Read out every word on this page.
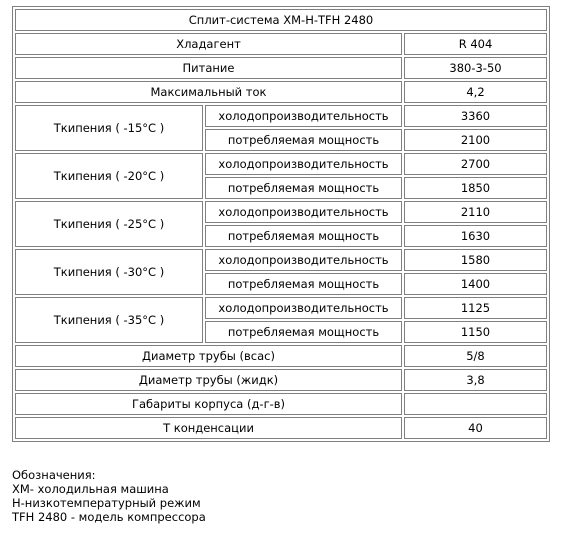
Сплит-система ХМ-Н-TFH 2480		
Хладагент		R 404
Питание		380-3-50
Максимальный ток		4,2
Ткипения ( -15°С )	холодопроизводительность	3360
	потребляемая мощность	2100
Ткипения ( -20°С )	холодопроизводительность	2700
	потребляемая мощность	1850
Ткипения ( -25°С )	холодопроизводительность	2110
	потребляемая мощность	1630
Ткипения ( -30°С )	холодопроизводительность	1580
	потребляемая мощность	1400
Ткипения ( -35°С )	холодопроизводительность	1125
	потребляемая мощность	1150
Диаметр трубы (всас)		5/8
Диаметр трубы (жидк)		3,8
Габариты корпуса (д-г-в)		
Т конденсации		40
Обозначения:
ХМ- холодильная машина
Н-низкотемпературный режим
TFH 2480 - модель компрессора
